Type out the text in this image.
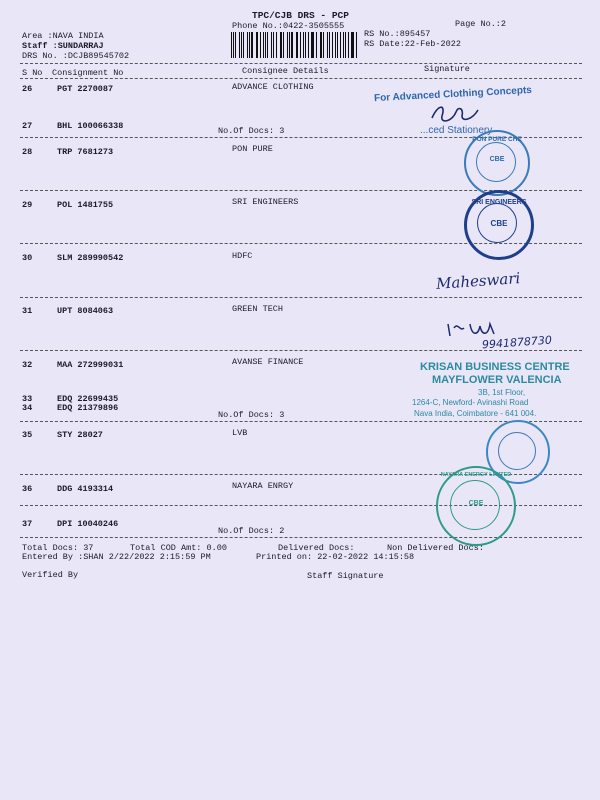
TPC/CJB DRS - PCP
Phone No.:0422-3505555	Page No.:2
Area :NAVA INDIA
Staff :SUNDARRAJ
DRS No. :DCJB89545702
RS No.:895457
RS Date:22-Feb-2022
S No Consignment No	Consignee Details	Signature
26	PGT 2270087	ADVANCE CLOTHING
27	BHL 100066338	No.Of Docs: 3
28	TRP 7681273	PON PURE
29	POL 1481755	SRI ENGINEERS
30	SLM 289990542	HDFC
31	UPT 8084063	GREEN TECH
32	MAA 272999031	AVANSE FINANCE
33	EDQ 22699435
34	EDQ 21379896
No.Of Docs: 3
35	STY 28027	LVB
36	DDG 4193314	NAYARA ENRGY
37	DPI 10040246
No.Of Docs: 2
Total Docs: 37	Total COD Amt: 0.00	Delivered Docs:	Non Delivered Docs:
Entered By :SHAN 2/22/2022 2:15:59 PM	Printed on: 22-02-2022 14:15:58
Verified By	Staff Signature
For Advanced Clothing Concepts
...ced Stationery
PON PURE CHE
CBE
SRI ENGINEERS
CBE
Maheswari
9941878730
KRISAN BUSINESS CENTRE
MAYFLOWER VALENCIA
3B, 1st Floor,
1264-C, Newford- Avinashi Road
Nava India, Coimbatore - 641 004.
NAYARA ENERGY LIMITED
CBE
